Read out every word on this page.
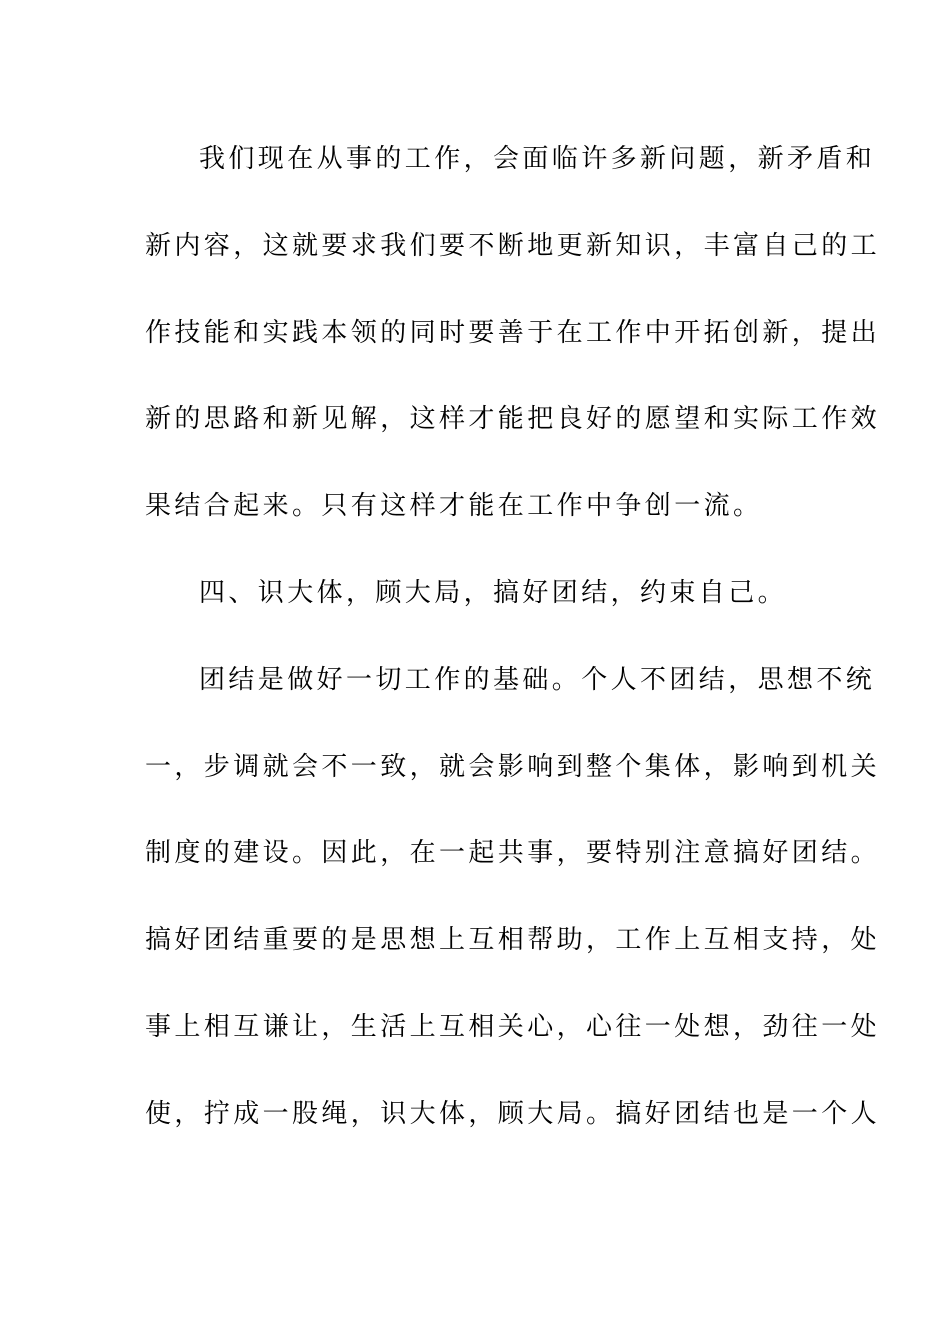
我们现在从事的工作，会面临许多新问题，新矛盾和
新内容，这就要求我们要不断地更新知识，丰富自己的工
作技能和实践本领的同时要善于在工作中开拓创新，提出
新的思路和新见解，这样才能把良好的愿望和实际工作效
果结合起来。只有这样才能在工作中争创一流。
四、识大体，顾大局，搞好团结，约束自己。
团结是做好一切工作的基础。个人不团结，思想不统
一，步调就会不一致，就会影响到整个集体，影响到机关
制度的建设。因此，在一起共事，要特别注意搞好团结。
搞好团结重要的是思想上互相帮助，工作上互相支持，处
事上相互谦让，生活上互相关心，心往一处想，劲往一处
使，拧成一股绳，识大体，顾大局。搞好团结也是一个人
